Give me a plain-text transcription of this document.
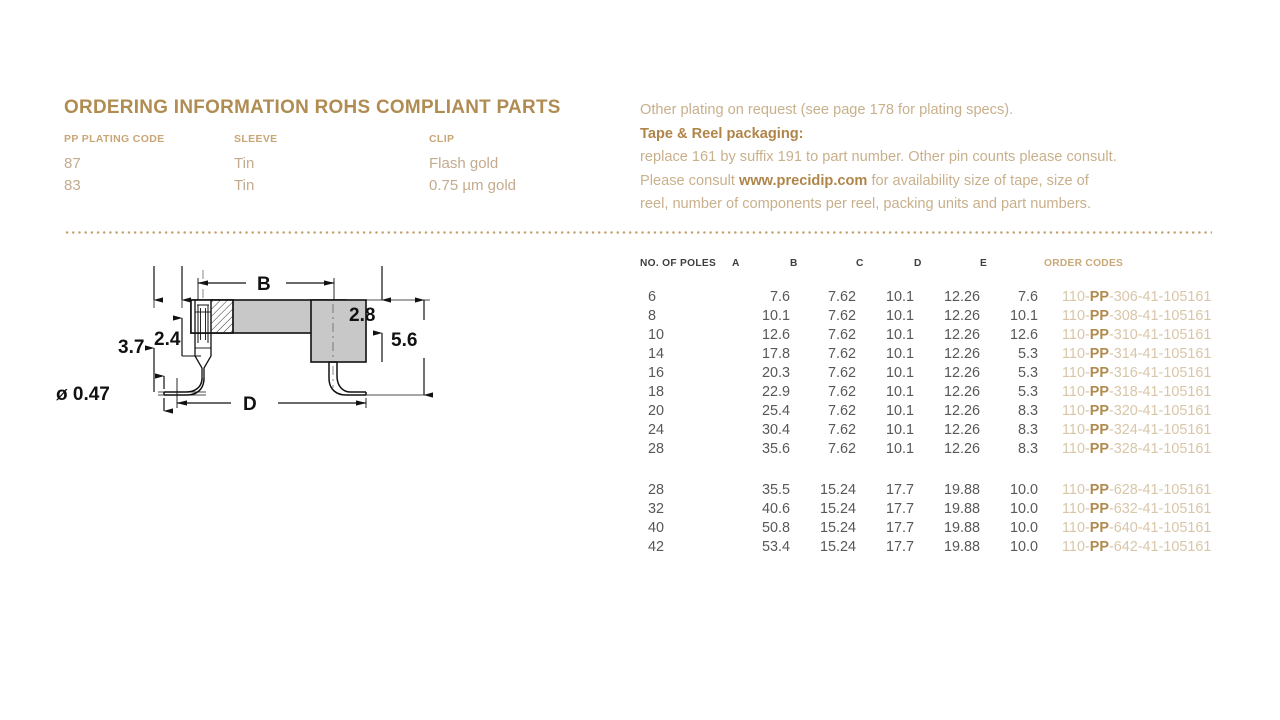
ORDERING INFORMATION ROHS COMPLIANT PARTS
PP PLATING CODE	SLEEVE	CLIP
87	Tin	Flash gold
83	Tin	0.75 µm gold
Other plating on request (see page 178 for plating specs).
Tape & Reel packaging:
replace 161 by suffix 191 to part number. Other pin counts please consult.
Please consult www.precidip.com for availability size of tape, size of
reel, number of components per reel, packing units and part numbers.
3.7 2.4
B
2.8
5.6
ø 0.47	D
NO. OF POLES	A	B	C	D	E	ORDER CODES
6	7.6	7.62	10.1	12.26	7.6	110-PP-306-41-105161
8	10.1	7.62	10.1	12.26	10.1	110-PP-308-41-105161
10	12.6	7.62	10.1	12.26	12.6	110-PP-310-41-105161
14	17.8	7.62	10.1	12.26	5.3	110-PP-314-41-105161
16	20.3	7.62	10.1	12.26	5.3	110-PP-316-41-105161
18	22.9	7.62	10.1	12.26	5.3	110-PP-318-41-105161
20	25.4	7.62	10.1	12.26	8.3	110-PP-320-41-105161
24	30.4	7.62	10.1	12.26	8.3	110-PP-324-41-105161
28	35.6	7.62	10.1	12.26	8.3	110-PP-328-41-105161

28	35.5	15.24	17.7	19.88	10.0	110-PP-628-41-105161
32	40.6	15.24	17.7	19.88	10.0	110-PP-632-41-105161
40	50.8	15.24	17.7	19.88	10.0	110-PP-640-41-105161
42	53.4	15.24	17.7	19.88	10.0	110-PP-642-41-105161
